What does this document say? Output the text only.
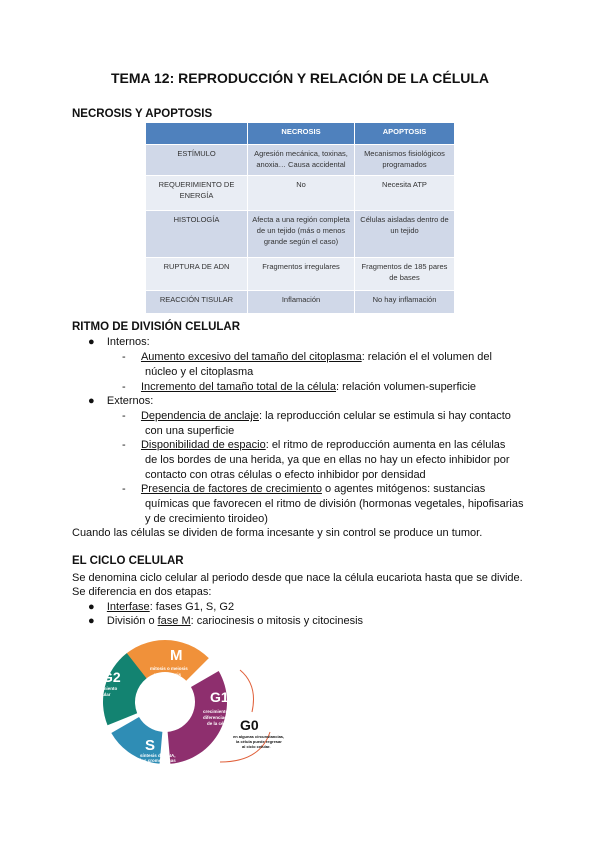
TEMA 12: REPRODUCCIÓN Y RELACIÓN DE LA CÉLULA
NECROSIS Y APOPTOSIS
	NECROSIS	APOPTOSIS
ESTÍMULO	Agresión mecánica, toxinas, anoxia… Causa accidental	Mecanismos fisiológicos programados
REQUERIMIENTO DE ENERGÍA	No	Necesita ATP
HISTOLOGÍA	Afecta a una región completa de un tejido (más o menos grande según el caso)	Células aisladas dentro de un tejido
RUPTURA DE ADN	Fragmentos irregulares	Fragmentos de 185 pares de bases
REACCIÓN TISULAR	Inflamación	No hay inflamación
RITMO DE DIVISIÓN CELULAR
●    Internos:
-     Aumento excesivo del tamaño del citoplasma: relación el el volumen del
núcleo y el citoplasma
-     Incremento del tamaño total de la célula: relación volumen-superficie
●    Externos:
-     Dependencia de anclaje: la reproducción celular se estimula si hay contacto
con una superficie
-     Disponibilidad de espacio: el ritmo de reproducción aumenta en las células
de los bordes de una herida, ya que en ellas no hay un efecto inhibidor por
contacto con otras células o efecto inhibidor por densidad
-     Presencia de factores de crecimiento o agentes mitógenos: sustancias
químicas que favorecen el ritmo de división (hormonas vegetales, hipofisarias
y de crecimiento tiroideo)
Cuando las células se dividen de forma incesante y sin control se produce un tumor.
EL CICLO CELULAR
Se denomina ciclo celular al periodo desde que nace la célula eucariota hasta que se divide.
Se diferencia en dos etapas:
●    Interfase: fases G1, S, G2
●    División o fase M: cariocinesis o mitosis y citocinesis
M
mitosis o meiosis
y citocinesis
G1
crecimiento y
diferenciación
de la célula
S
síntesis de DNA,
los cromosomas
se duplican
G2
crecimiento
celular
G0
en algunas circunstancias,
la célula puede regresar
al ciclo celular.
